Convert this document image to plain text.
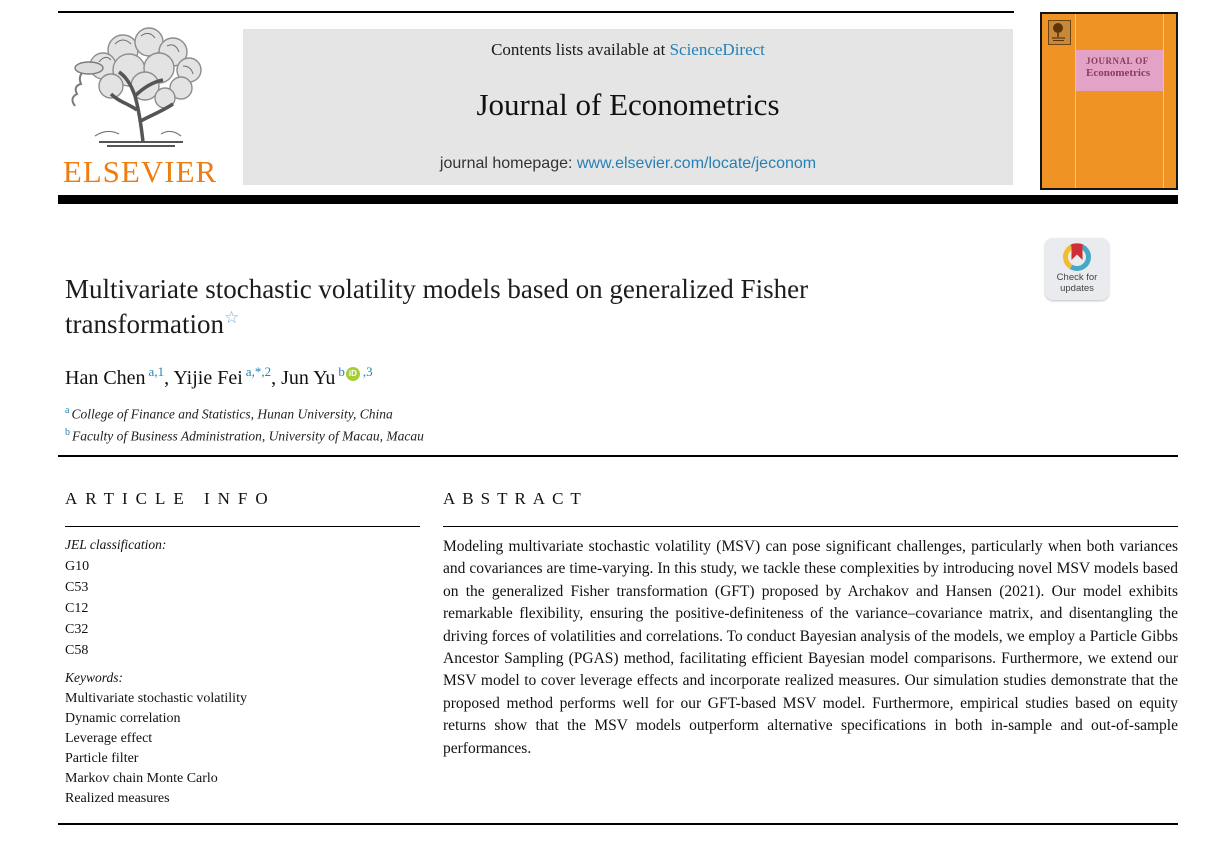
ELSEVIER
Contents lists available at ScienceDirect
Journal of Econometrics
journal homepage: www.elsevier.com/locate/jeconom
JOURNAL OF
Econometrics
Check for
updates
Multivariate stochastic volatility models based on generalized Fisher transformation☆
Han Chen $^{a,1}$, Yijie Fei $^{a,*,2}$, Jun Yu $^b$ iD $^{,3}$
$^a$ College of Finance and Statistics, Hunan University, China
$^b$ Faculty of Business Administration, University of Macau, Macau
ARTICLE INFO	ABSTRACT
JEL classification:
G10
C53
C12
C32
C58
Keywords:
Multivariate stochastic volatility
Dynamic correlation
Leverage effect
Particle filter
Markov chain Monte Carlo
Realized measures
Modeling multivariate stochastic volatility (MSV) can pose significant challenges, particularly when both variances and covariances are time-varying. In this study, we tackle these complexities by introducing novel MSV models based on the generalized Fisher transformation (GFT) proposed by Archakov and Hansen (2021). Our model exhibits remarkable flexibility, ensuring the positive-definiteness of the variance–covariance matrix, and disentangling the driving forces of volatilities and correlations. To conduct Bayesian analysis of the models, we employ a Particle Gibbs Ancestor Sampling (PGAS) method, facilitating efficient Bayesian model comparisons. Furthermore, we extend our MSV model to cover leverage effects and incorporate realized measures. Our simulation studies demonstrate that the proposed method performs well for our GFT-based MSV model. Furthermore, empirical studies based on equity returns show that the MSV models outperform alternative specifications in both in-sample and out-of-sample performances.
